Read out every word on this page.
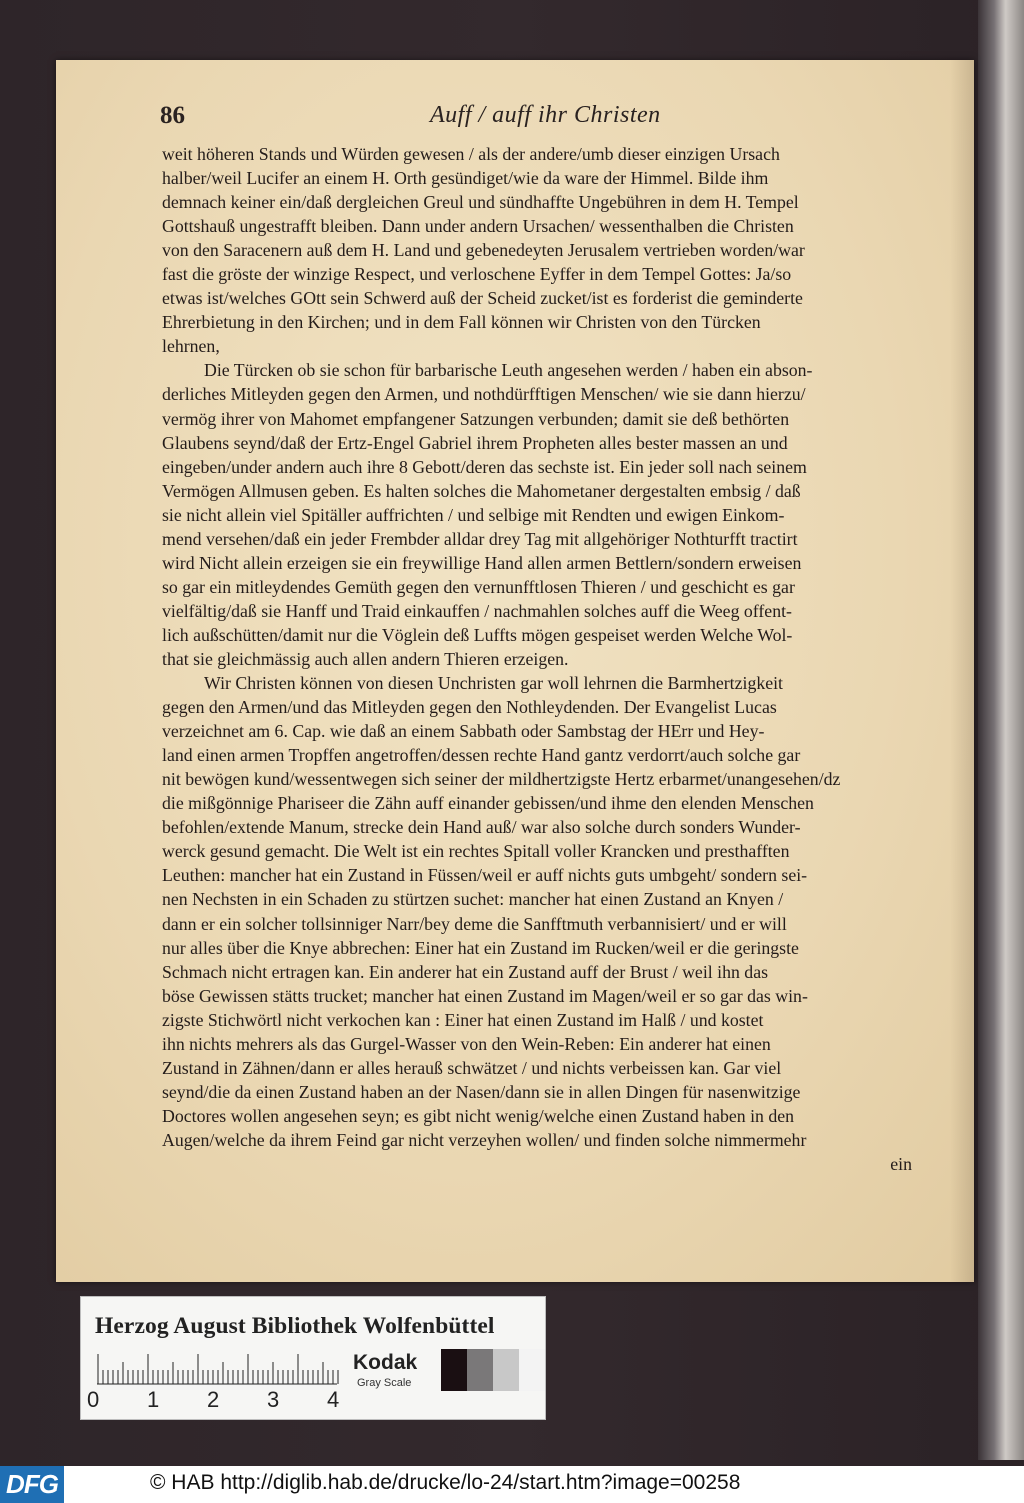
86	Auff / auff ihr Christen
weit höheren Stands und Würden gewesen / als der andere/umb dieser einzigen Ursach
halber/weil Lucifer an einem H. Orth gesündiget/wie da ware der Himmel. Bilde ihm
demnach keiner ein/daß dergleichen Greul und sündhaffte Ungebühren in dem H. Tempel
Gottshauß ungestrafft bleiben. Dann under andern Ursachen/ wessenthalben die Christen
von den Saracenern auß dem H. Land und gebenedeyten Jerusalem vertrieben worden/war
fast die gröste der winzige Respect, und verloschene Eyffer in dem Tempel Gottes: Ja/so
etwas ist/welches GOtt sein Schwerd auß der Scheid zucket/ist es forderist die geminderte
Ehrerbietung in den Kirchen; und in dem Fall können wir Christen von den Türcken
lehrnen,
Die Türcken ob sie schon für barbarische Leuth angesehen werden / haben ein abson-
derliches Mitleyden gegen den Armen, und nothdürfftigen Menschen/ wie sie dann hierzu/
vermög ihrer von Mahomet empfangener Satzungen verbunden; damit sie deß bethörten
Glaubens seynd/daß der Ertz-Engel Gabriel ihrem Propheten alles bester massen an und
eingeben/under andern auch ihre 8 Gebott/deren das sechste ist. Ein jeder soll nach seinem
Vermögen Allmusen geben. Es halten solches die Mahometaner dergestalten embsig / daß
sie nicht allein viel Spitäller auffrichten / und selbige mit Rendten und ewigen Einkom-
mend versehen/daß ein jeder Frembder alldar drey Tag mit allgehöriger Nothturfft tractirt
wird Nicht allein erzeigen sie ein freywillige Hand allen armen Bettlern/sondern erweisen
so gar ein mitleydendes Gemüth gegen den vernunfftlosen Thieren / und geschicht es gar
vielfältig/daß sie Hanff und Traid einkauffen / nachmahlen solches auff die Weeg offent-
lich außschütten/damit nur die Vöglein deß Luffts mögen gespeiset werden Welche Wol-
that sie gleichmässig auch allen andern Thieren erzeigen.
Wir Christen können von diesen Unchristen gar woll lehrnen die Barmhertzigkeit
gegen den Armen/und das Mitleyden gegen den Nothleydenden. Der Evangelist Lucas
verzeichnet am 6. Cap. wie daß an einem Sabbath oder Sambstag der HErr und Hey-
land einen armen Tropffen angetroffen/dessen rechte Hand gantz verdorrt/auch solche gar
nit bewögen kund/wessentwegen sich seiner der mildhertzigste Hertz erbarmet/unangesehen/dz
die mißgönnige Phariseer die Zähn auff einander gebissen/und ihme den elenden Menschen
befohlen/extende Manum, strecke dein Hand auß/ war also solche durch sonders Wunder-
werck gesund gemacht. Die Welt ist ein rechtes Spitall voller Krancken und presthafften
Leuthen: mancher hat ein Zustand in Füssen/weil er auff nichts guts umbgeht/ sondern sei-
nen Nechsten in ein Schaden zu stürtzen suchet: mancher hat einen Zustand an Knyen /
dann er ein solcher tollsinniger Narr/bey deme die Sanfftmuth verbannisiert/ und er will
nur alles über die Knye abbrechen: Einer hat ein Zustand im Rucken/weil er die geringste
Schmach nicht ertragen kan. Ein anderer hat ein Zustand auff der Brust / weil ihn das
böse Gewissen stätts trucket; mancher hat einen Zustand im Magen/weil er so gar das win-
zigste Stichwörtl nicht verkochen kan : Einer hat einen Zustand im Halß / und kostet
ihn nichts mehrers als das Gurgel-Wasser von den Wein-Reben: Ein anderer hat einen
Zustand in Zähnen/dann er alles herauß schwätzet / und nichts verbeissen kan. Gar viel
seynd/die da einen Zustand haben an der Nasen/dann sie in allen Dingen für nasenwitzige
Doctores wollen angesehen seyn; es gibt nicht wenig/welche einen Zustand haben in den
Augen/welche da ihrem Feind gar nicht verzeyhen wollen/ und finden solche nimmermehr
ein
Herzog August Bibliothek Wolfenbüttel
0 1 2 3 4
Kodak
Gray Scale
DFG	© HAB http://diglib.hab.de/drucke/lo-24/start.htm?image=00258
